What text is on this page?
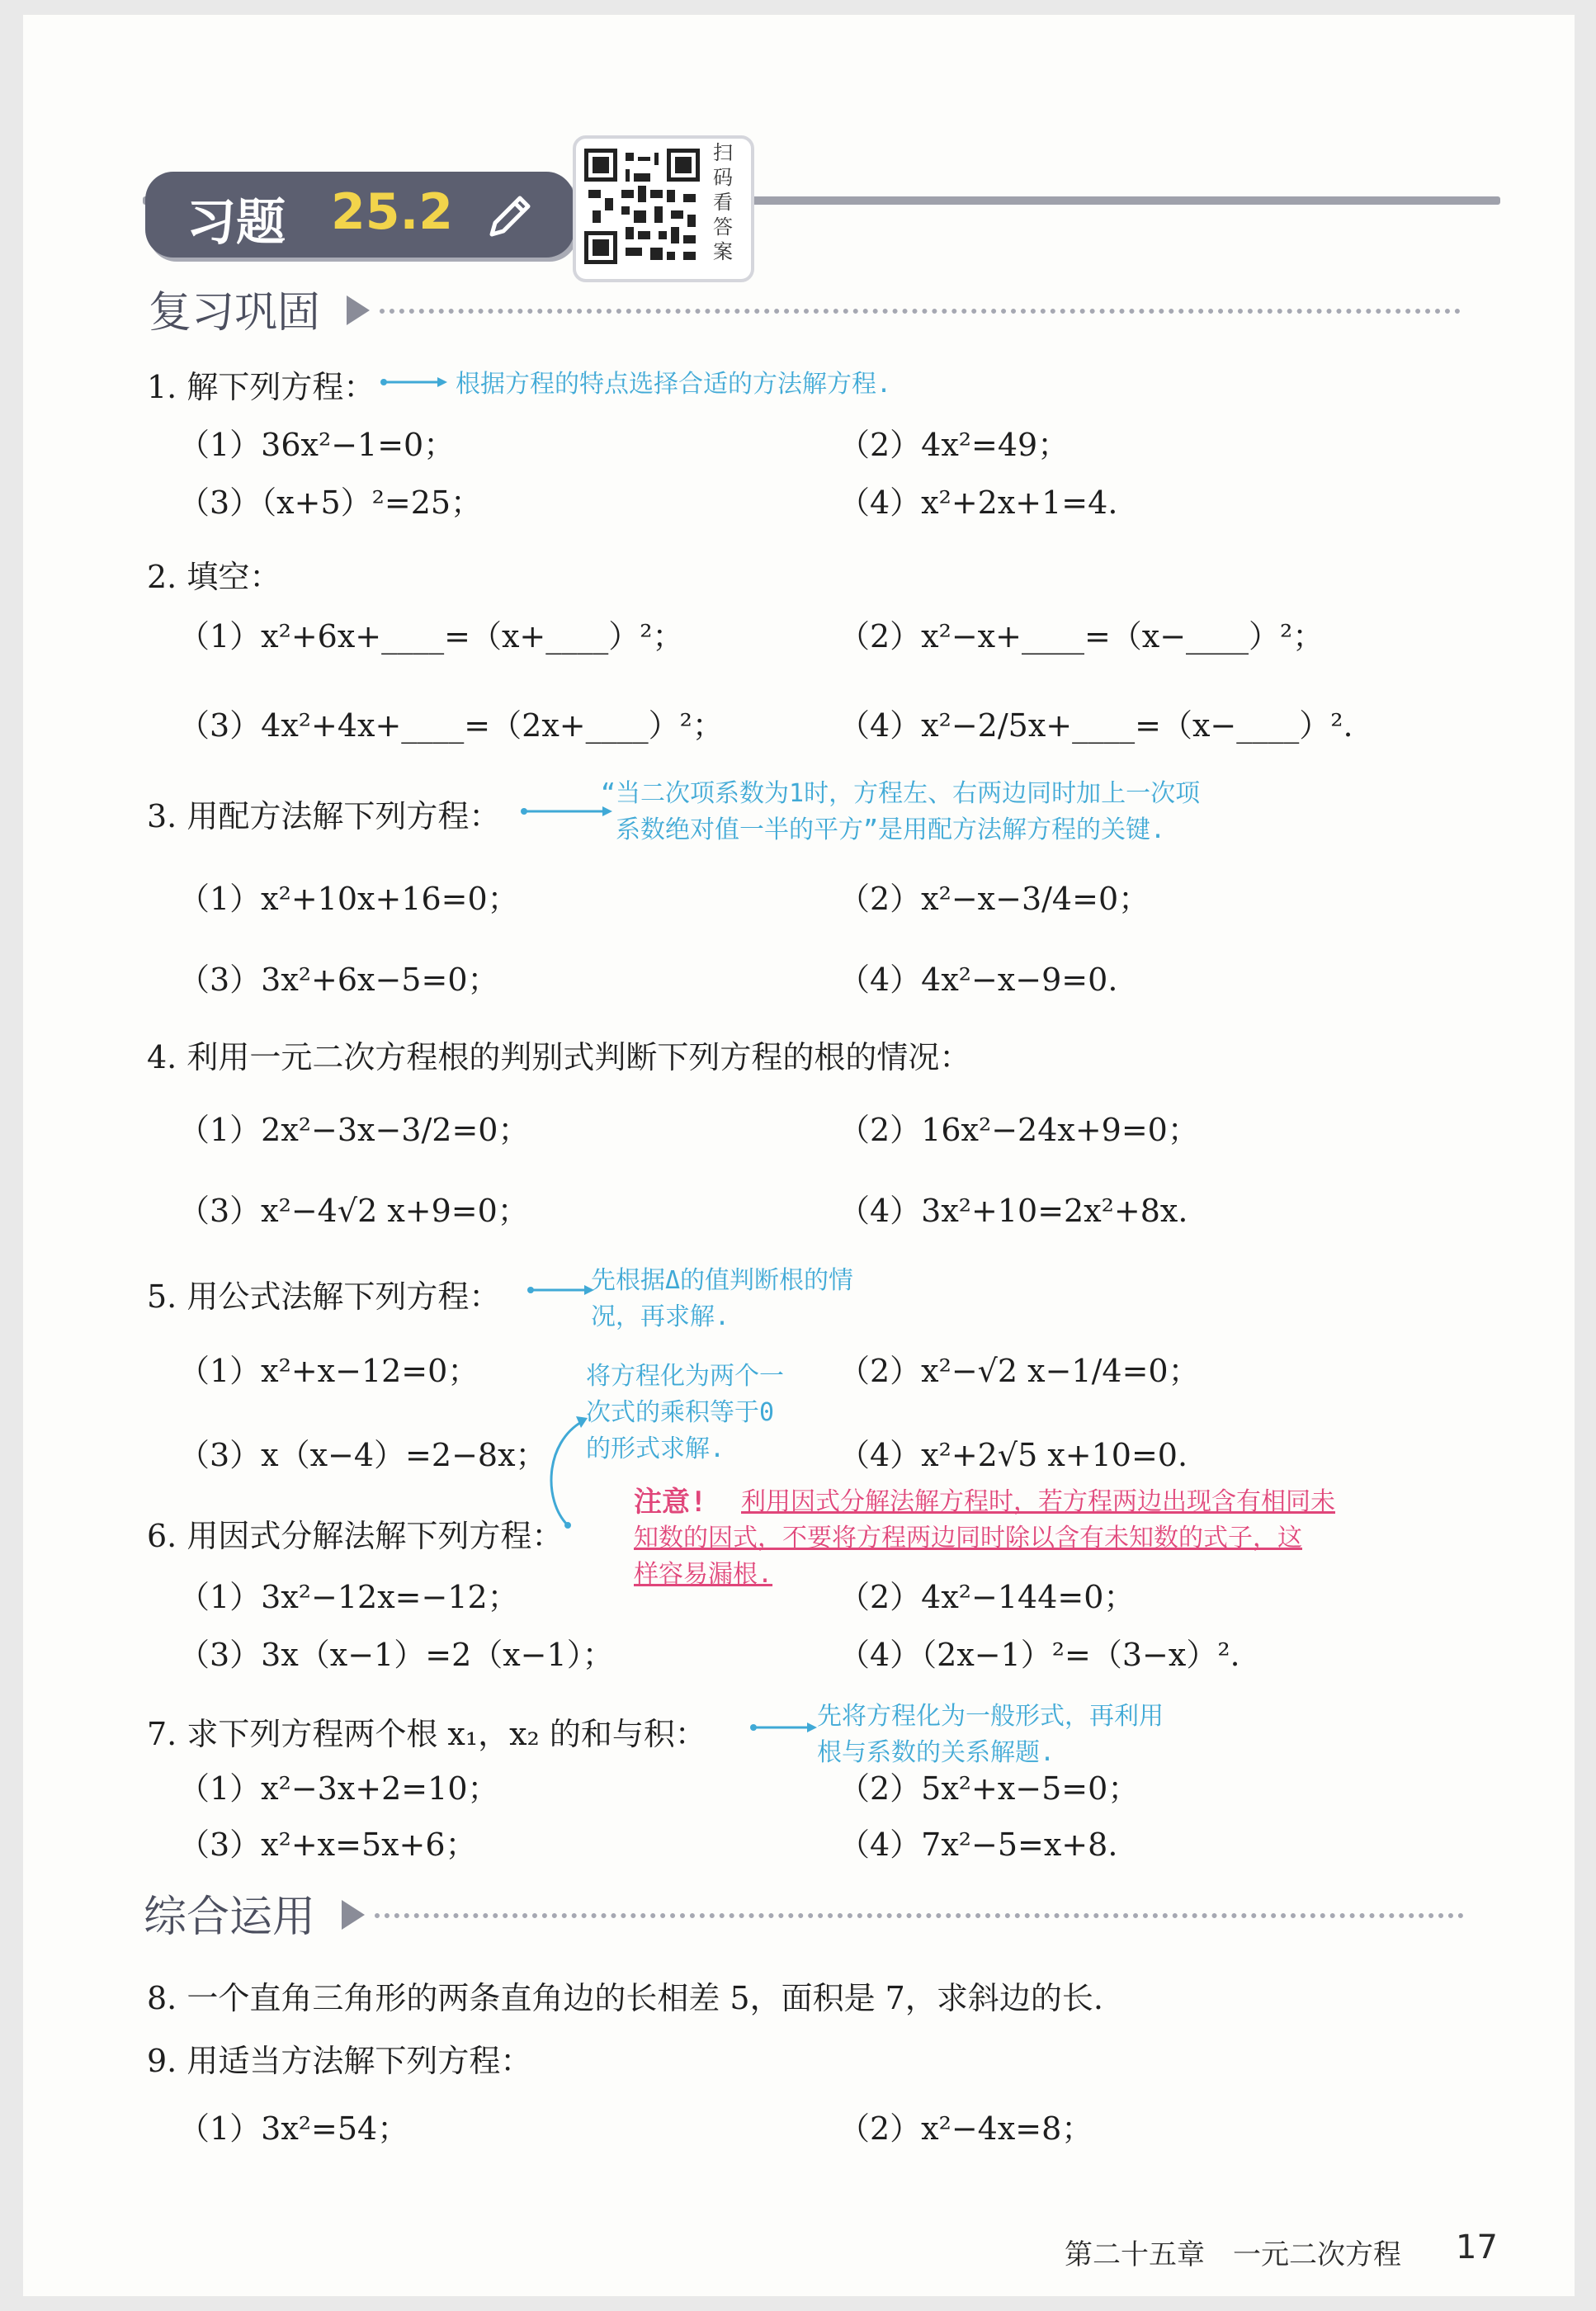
习题 25.2
扫
码
看
答
案
复习巩固
1. 解下列方程：	根据方程的特点选择合适的方法解方程.
（1）36x²−1=0；	（2）4x²=49；
（3）（x+5）²=25；	（4）x²+2x+1=4.
2. 填空：
（1）x²+6x+____=（x+____）²；	（2）x²−x+____=（x−____）²；
（3）4x²+4x+____=（2x+____）²；	（4）x²−2/5x+____=（x−____）².
3. 用配方法解下列方程：
“当二次项系数为1时，方程左、右两边同时加上一次项
系数绝对值一半的平方”是用配方法解方程的关键.
（1）x²+10x+16=0；	（2）x²−x−3/4=0；
（3）3x²+6x−5=0；	（4）4x²−x−9=0.
4. 利用一元二次方程根的判别式判断下列方程的根的情况：
（1）2x²−3x−3/2=0；	（2）16x²−24x+9=0；
（3）x²−4√2 x+9=0；	（4）3x²+10=2x²+8x.
5. 用公式法解下列方程：	先根据Δ的值判断根的情
况，再求解.
（1）x²+x−12=0；	将方程化为两个一 （2）x²−√2 x−1/4=0；
次式的乘积等于0
（3）x（x−4）=2−8x； 的形式求解.	（4）x²+2√5 x+10=0.
注意! 利用因式分解法解方程时，若方程两边出现含有相同未
知数的因式，不要将方程两边同时除以含有未知数的式子，这
样容易漏根.
6. 用因式分解法解下列方程：
（1）3x²−12x=−12；	（2）4x²−144=0；
（3）3x（x−1）=2（x−1）；	（4）（2x−1）²=（3−x）².
7. 求下列方程两个根 x₁，x₂ 的和与积：	先将方程化为一般形式，再利用
根与系数的关系解题.
（1）x²−3x+2=10；	（2）5x²+x−5=0；
（3）x²+x=5x+6；	（4）7x²−5=x+8.
综合运用
8. 一个直角三角形的两条直角边的长相差 5，面积是 7，求斜边的长.
9. 用适当方法解下列方程：
（1）3x²=54；	（2）x²−4x=8；
第二十五章　一元二次方程 17
